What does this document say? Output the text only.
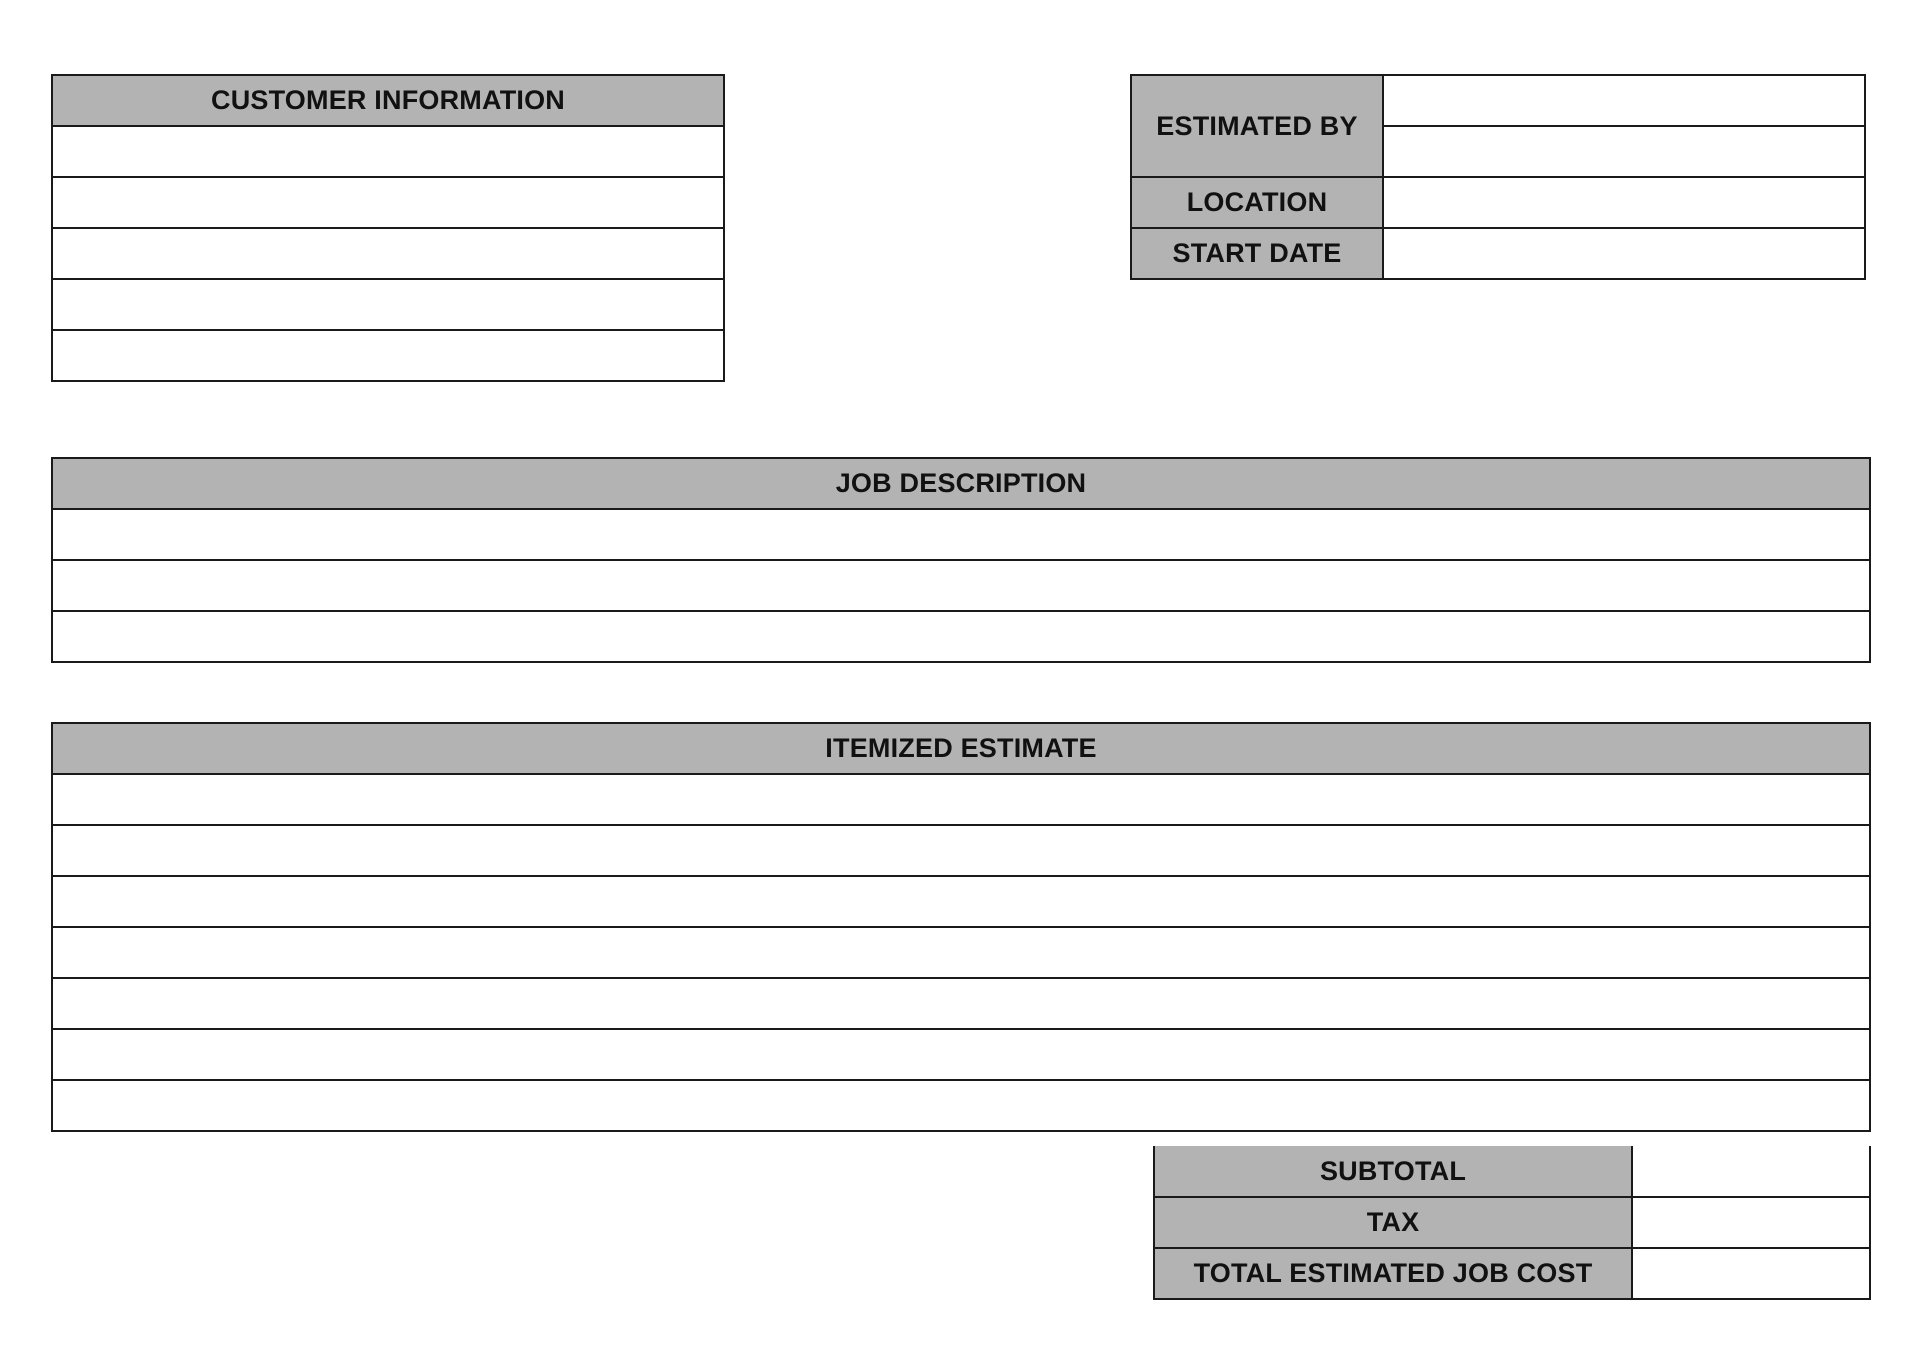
CUSTOMER INFORMATION

ESTIMATED BY	

LOCATION	
START DATE	
JOB DESCRIPTION

ITEMIZED ESTIMATE

SUBTOTAL	
TAX	
TOTAL ESTIMATED JOB COST	
